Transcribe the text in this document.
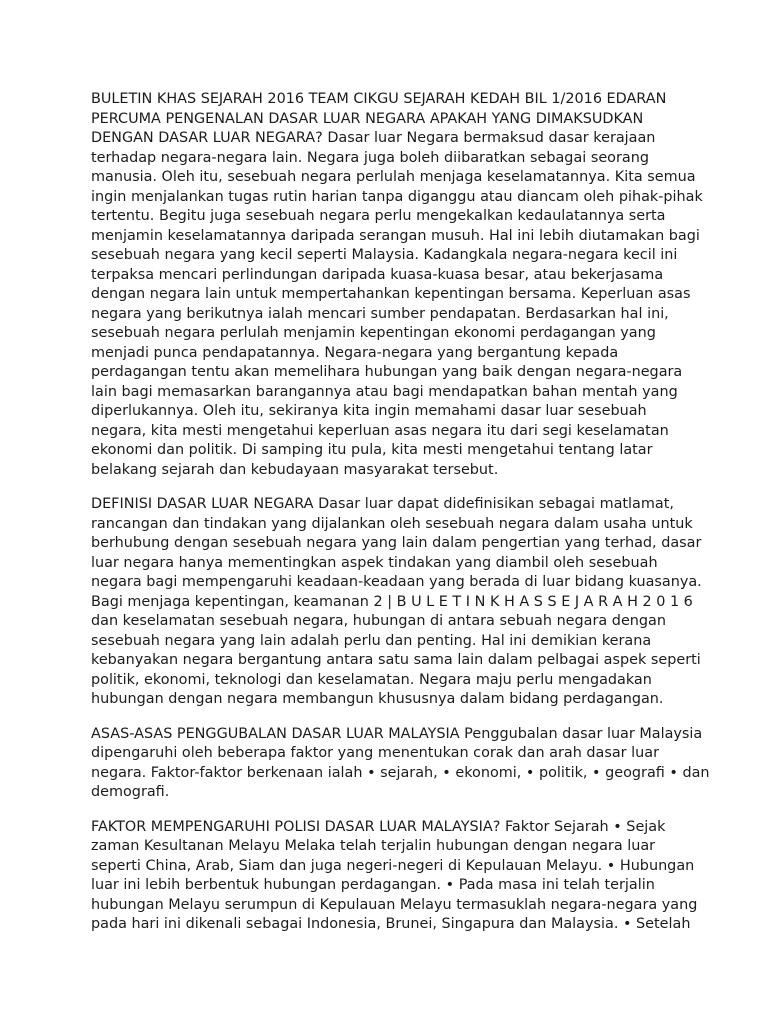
BULETIN KHAS SEJARAH 2016 TEAM CIKGU SEJARAH KEDAH BIL 1/2016 EDARAN
PERCUMA PENGENALAN DASAR LUAR NEGARA APAKAH YANG DIMAKSUDKAN
DENGAN DASAR LUAR NEGARA? Dasar luar Negara bermaksud dasar kerajaan
terhadap negara-negara lain. Negara juga boleh diibaratkan sebagai seorang
manusia. Oleh itu, sesebuah negara perlulah menjaga keselamatannya. Kita semua
ingin menjalankan tugas rutin harian tanpa diganggu atau diancam oleh pihak-pihak
tertentu. Begitu juga sesebuah negara perlu mengekalkan kedaulatannya serta
menjamin keselamatannya daripada serangan musuh. Hal ini lebih diutamakan bagi
sesebuah negara yang kecil seperti Malaysia. Kadangkala negara-negara kecil ini
terpaksa mencari perlindungan daripada kuasa-kuasa besar, atau bekerjasama
dengan negara lain untuk mempertahankan kepentingan bersama. Keperluan asas
negara yang berikutnya ialah mencari sumber pendapatan. Berdasarkan hal ini,
sesebuah negara perlulah menjamin kepentingan ekonomi perdagangan yang
menjadi punca pendapatannya. Negara-negara yang bergantung kepada
perdagangan tentu akan memelihara hubungan yang baik dengan negara-negara
lain bagi memasarkan barangannya atau bagi mendapatkan bahan mentah yang
diperlukannya. Oleh itu, sekiranya kita ingin memahami dasar luar sesebuah
negara, kita mesti mengetahui keperluan asas negara itu dari segi keselamatan
ekonomi dan politik. Di samping itu pula, kita mesti mengetahui tentang latar
belakang sejarah dan kebudayaan masyarakat tersebut.
DEFINISI DASAR LUAR NEGARA Dasar luar dapat didefinisikan sebagai matlamat,
rancangan dan tindakan yang dijalankan oleh sesebuah negara dalam usaha untuk
berhubung dengan sesebuah negara yang lain dalam pengertian yang terhad, dasar
luar negara hanya mementingkan aspek tindakan yang diambil oleh sesebuah
negara bagi mempengaruhi keadaan-keadaan yang berada di luar bidang kuasanya.
Bagi menjaga kepentingan, keamanan 2 | B U L E T I N K H A S S E J A R A H 2 0 1 6
dan keselamatan sesebuah negara, hubungan di antara sebuah negara dengan
sesebuah negara yang lain adalah perlu dan penting. Hal ini demikian kerana
kebanyakan negara bergantung antara satu sama lain dalam pelbagai aspek seperti
politik, ekonomi, teknologi dan keselamatan. Negara maju perlu mengadakan
hubungan dengan negara membangun khususnya dalam bidang perdagangan.
ASAS-ASAS PENGGUBALAN DASAR LUAR MALAYSIA Penggubalan dasar luar Malaysia
dipengaruhi oleh beberapa faktor yang menentukan corak dan arah dasar luar
negara. Faktor-faktor berkenaan ialah • sejarah, • ekonomi, • politik, • geografi • dan
demografi.
FAKTOR MEMPENGARUHI POLISI DASAR LUAR MALAYSIA? Faktor Sejarah • Sejak
zaman Kesultanan Melayu Melaka telah terjalin hubungan dengan negara luar
seperti China, Arab, Siam dan juga negeri-negeri di Kepulauan Melayu. • Hubungan
luar ini lebih berbentuk hubungan perdagangan. • Pada masa ini telah terjalin
hubungan Melayu serumpun di Kepulauan Melayu termasuklah negara-negara yang
pada hari ini dikenali sebagai Indonesia, Brunei, Singapura dan Malaysia. • Setelah
